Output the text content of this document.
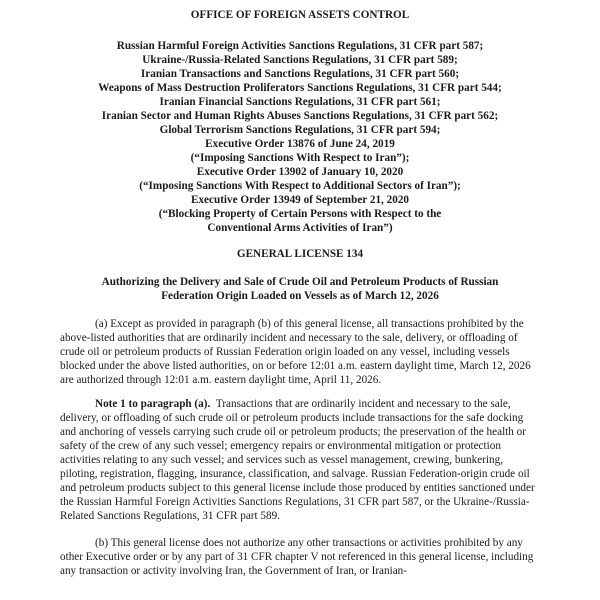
OFFICE OF FOREIGN ASSETS CONTROL
Russian Harmful Foreign Activities Sanctions Regulations, 31 CFR part 587;
Ukraine-/Russia-Related Sanctions Regulations, 31 CFR part 589;
Iranian Transactions and Sanctions Regulations, 31 CFR part 560;
Weapons of Mass Destruction Proliferators Sanctions Regulations, 31 CFR part 544;
Iranian Financial Sanctions Regulations, 31 CFR part 561;
Iranian Sector and Human Rights Abuses Sanctions Regulations, 31 CFR part 562;
Global Terrorism Sanctions Regulations, 31 CFR part 594;
Executive Order 13876 of June 24, 2019
(“Imposing Sanctions With Respect to Iran”);
Executive Order 13902 of January 10, 2020
(“Imposing Sanctions With Respect to Additional Sectors of Iran”);
Executive Order 13949 of September 21, 2020
(“Blocking Property of Certain Persons with Respect to the
Conventional Arms Activities of Iran”)
GENERAL LICENSE 134
Authorizing the Delivery and Sale of Crude Oil and Petroleum Products of Russian
Federation Origin Loaded on Vessels as of March 12, 2026

(a) Except as provided in paragraph (b) of this general license, all transactions prohibited by the above-listed authorities that are ordinarily incident and necessary to the sale, delivery, or offloading of crude oil or petroleum products of Russian Federation origin loaded on any vessel, including vessels blocked under the above listed authorities, on or before 12:01 a.m. eastern daylight time, March 12, 2026 are authorized through 12:01 a.m. eastern daylight time, April 11, 2026.

Note 1 to paragraph (a). Transactions that are ordinarily incident and necessary to the sale, delivery, or offloading of such crude oil or petroleum products include transactions for the safe docking and anchoring of vessels carrying such crude oil or petroleum products; the preservation of the health or safety of the crew of any such vessel; emergency repairs or environmental mitigation or protection activities relating to any such vessel; and services such as vessel management, crewing, bunkering, piloting, registration, flagging, insurance, classification, and salvage. Russian Federation-origin crude oil and petroleum products subject to this general license include those produced by entities sanctioned under the Russian Harmful Foreign Activities Sanctions Regulations, 31 CFR part 587, or the Ukraine-/Russia-Related Sanctions Regulations, 31 CFR part 589.

(b) This general license does not authorize any other transactions or activities prohibited by any other Executive order or by any part of 31 CFR chapter V not referenced in this general license, including any transaction or activity involving Iran, the Government of Iran, or Iranian-
